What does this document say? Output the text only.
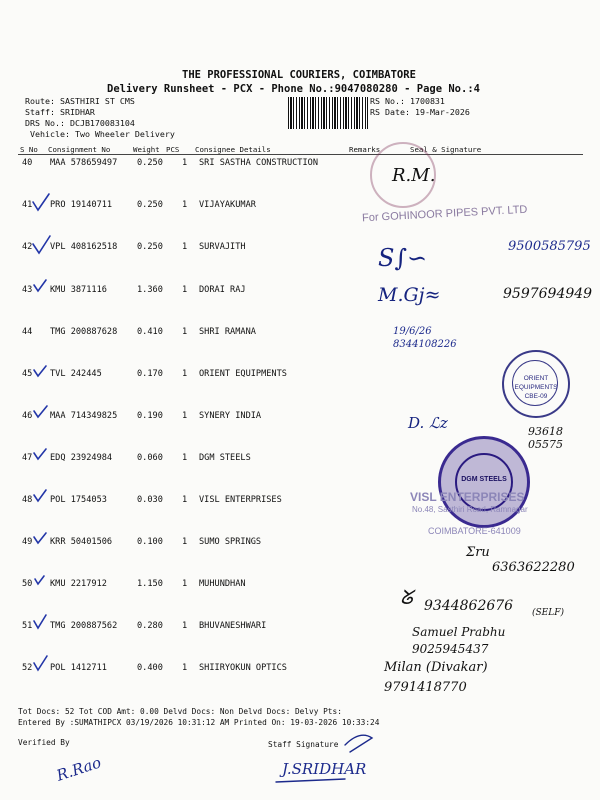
THE PROFESSIONAL COURIERS, COIMBATORE
Delivery Runsheet - PCX - Phone No.:9047080280 - Page No.:4
Route: SASTHIRI ST CMS
Staff: SRIDHAR
DRS No.: DCJB170083104
Vehicle: Two Wheeler Delivery
RS No.: 1700831
RS Date: 19-Mar-2026
S No Consignment No	Weight PCS Consignee Details	Remarks	Seal & Signature
40 MAA 578659497 0.250 1 SRI SASTHA CONSTRUCTION
41 PRO 19140711	0.250 1 VIJAYAKUMAR
42 VPL 408162518 0.250 1 SURVAJITH
43 KMU 3871116	1.360 1 DORAI RAJ
44 TMG 200887628 0.410 1 SHRI RAMANA
45 TVL 242445	0.170 1 ORIENT EQUIPMENTS
46 MAA 714349825 0.190 1 SYNERY INDIA
47 EDQ 23924984	0.060 1 DGM STEELS
48 POL 1754053	0.030 1 VISL ENTERPRISES
49 KRR 50401506	0.100 1 SUMO SPRINGS
50 KMU 2217912	1.150 1 MUHUNDHAN
51 TMG 200887562 0.280 1 BHUVANESHWARI
52 POL 1412711	0.400 1 SHIIRYOKUN OPTICS
R.M.
For GOHINOOR PIPES PVT. LTD
S∫∽	9500585795
M.Gj≈	9597694949
19/6/26 8344108226
ORIENT EQUIPMENTS CBE-09
D. ℒz	93618 05575
DGM STEELS
VISL ENTERPRISES
No.48, Sasthiri Road, Ramnagar
COIMBATORE-641009
Ʃru
6363622280
ᘜ 9344862676 (SELF)
Samuel Prabhu 9025945437
Milan (Divakar) 9791418770
Tot Docs: 52 Tot COD Amt: 0.00 Delvd Docs: Non Delvd Docs: Delvy Pts:
Entered By :SUMATHIPCX 03/19/2026 10:31:12 AM Printed On: 19-03-2026 10:33:24
Verified By	Staff Signature
J.SRIDHAR
R.Rao
